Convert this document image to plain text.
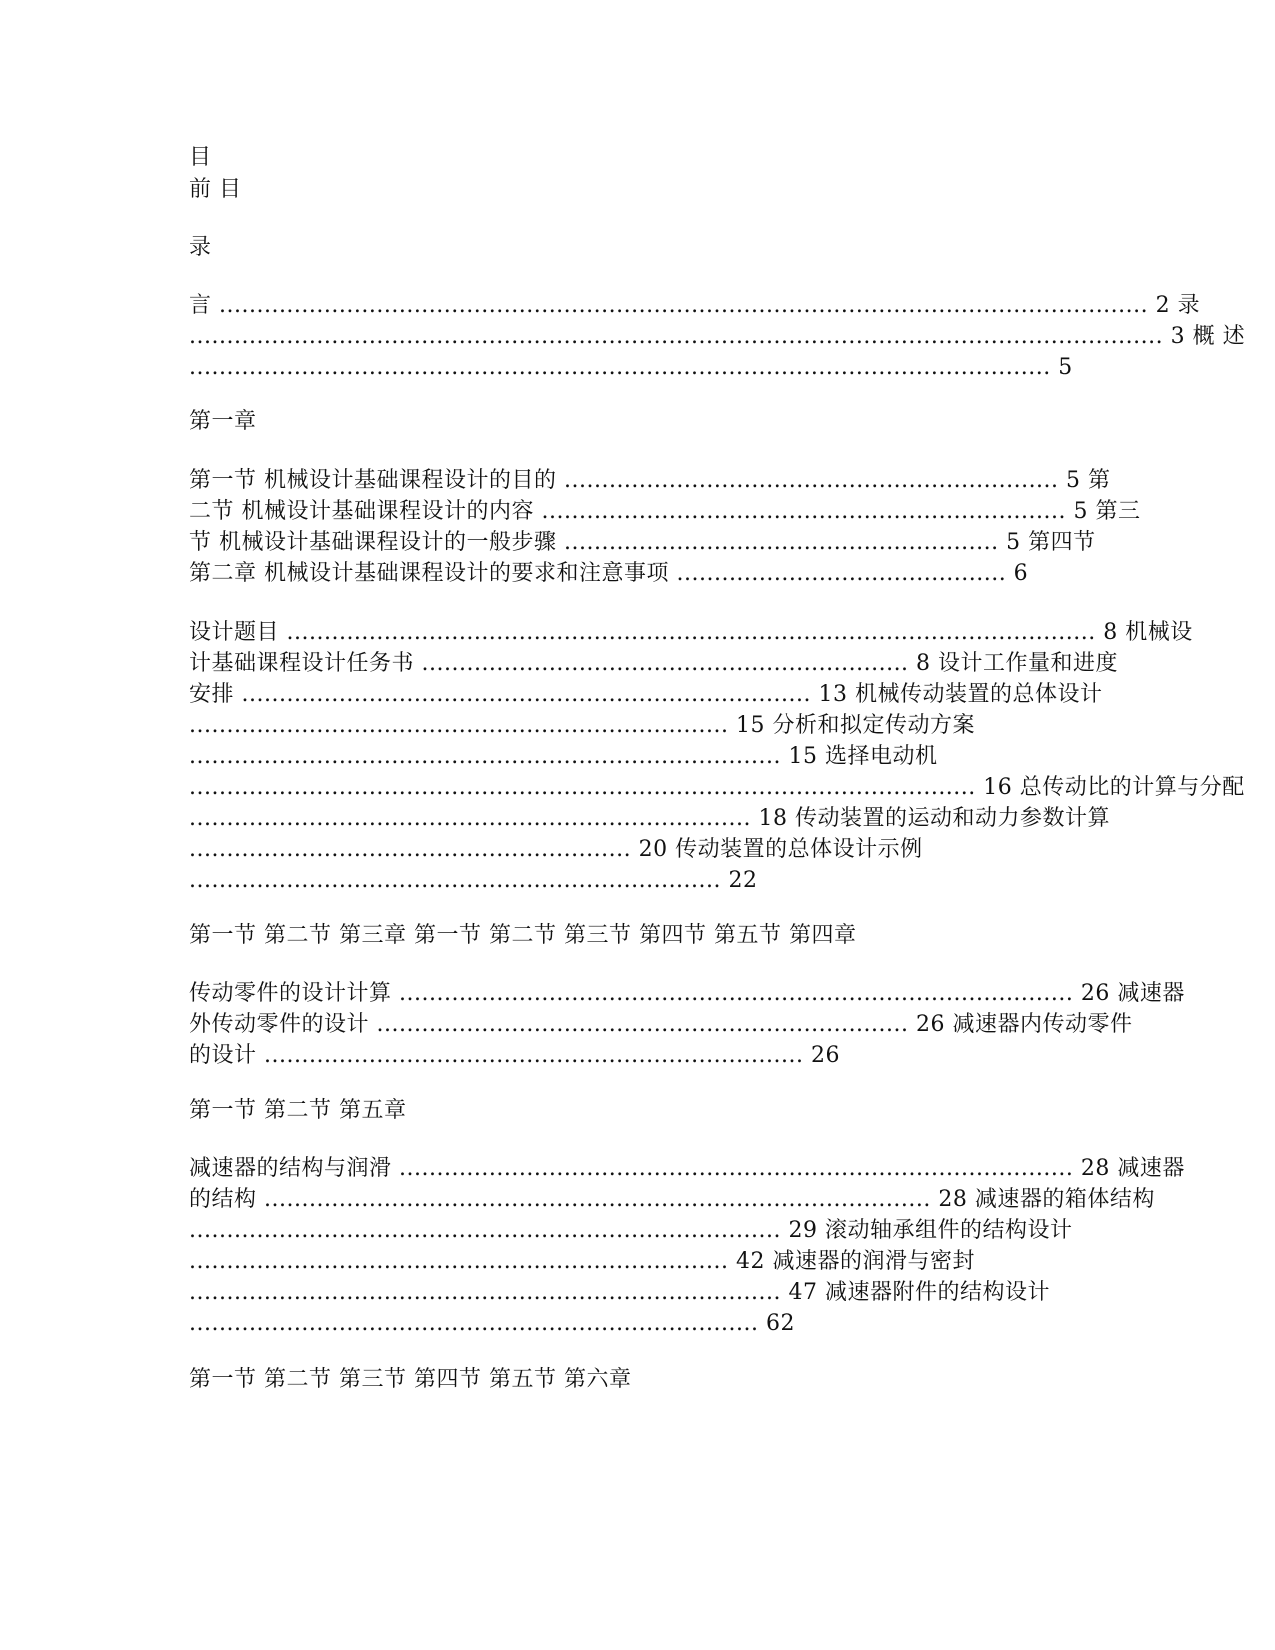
目
前 目
录
言 ............................................................................................................................ 2 录
.................................................................................................................................. 3 概 述
................................................................................................................... 5
第一章
第一节 机械设计基础课程设计的目的 .................................................................. 5 第
二节 机械设计基础课程设计的内容 ...................................................................... 5 第三
节 机械设计基础课程设计的一般步骤 .......................................................... 5 第四节
第二章 机械设计基础课程设计的要求和注意事项 ............................................ 6
设计题目 ............................................................................................................ 8 机械设
计基础课程设计任务书 ................................................................. 8 设计工作量和进度
安排 ............................................................................ 13 机械传动装置的总体设计
........................................................................ 15 分析和拟定传动方案
............................................................................... 15 选择电动机
......................................................................................................... 16 总传动比的计算与分配
........................................................................... 18 传动装置的运动和动力参数计算
........................................................... 20 传动装置的总体设计示例
....................................................................... 22
第一节 第二节 第三章 第一节 第二节 第三节 第四节 第五节 第四章
传动零件的设计计算 .......................................................................................... 26 减速器
外传动零件的设计 ....................................................................... 26 减速器内传动零件
的设计 ........................................................................ 26
第一节 第二节 第五章
减速器的结构与润滑 .......................................................................................... 28 减速器
的结构 ......................................................................................... 28 减速器的箱体结构
............................................................................... 29 滚动轴承组件的结构设计
........................................................................ 42 减速器的润滑与密封
............................................................................... 47 减速器附件的结构设计
............................................................................ 62
第一节 第二节 第三节 第四节 第五节 第六章
